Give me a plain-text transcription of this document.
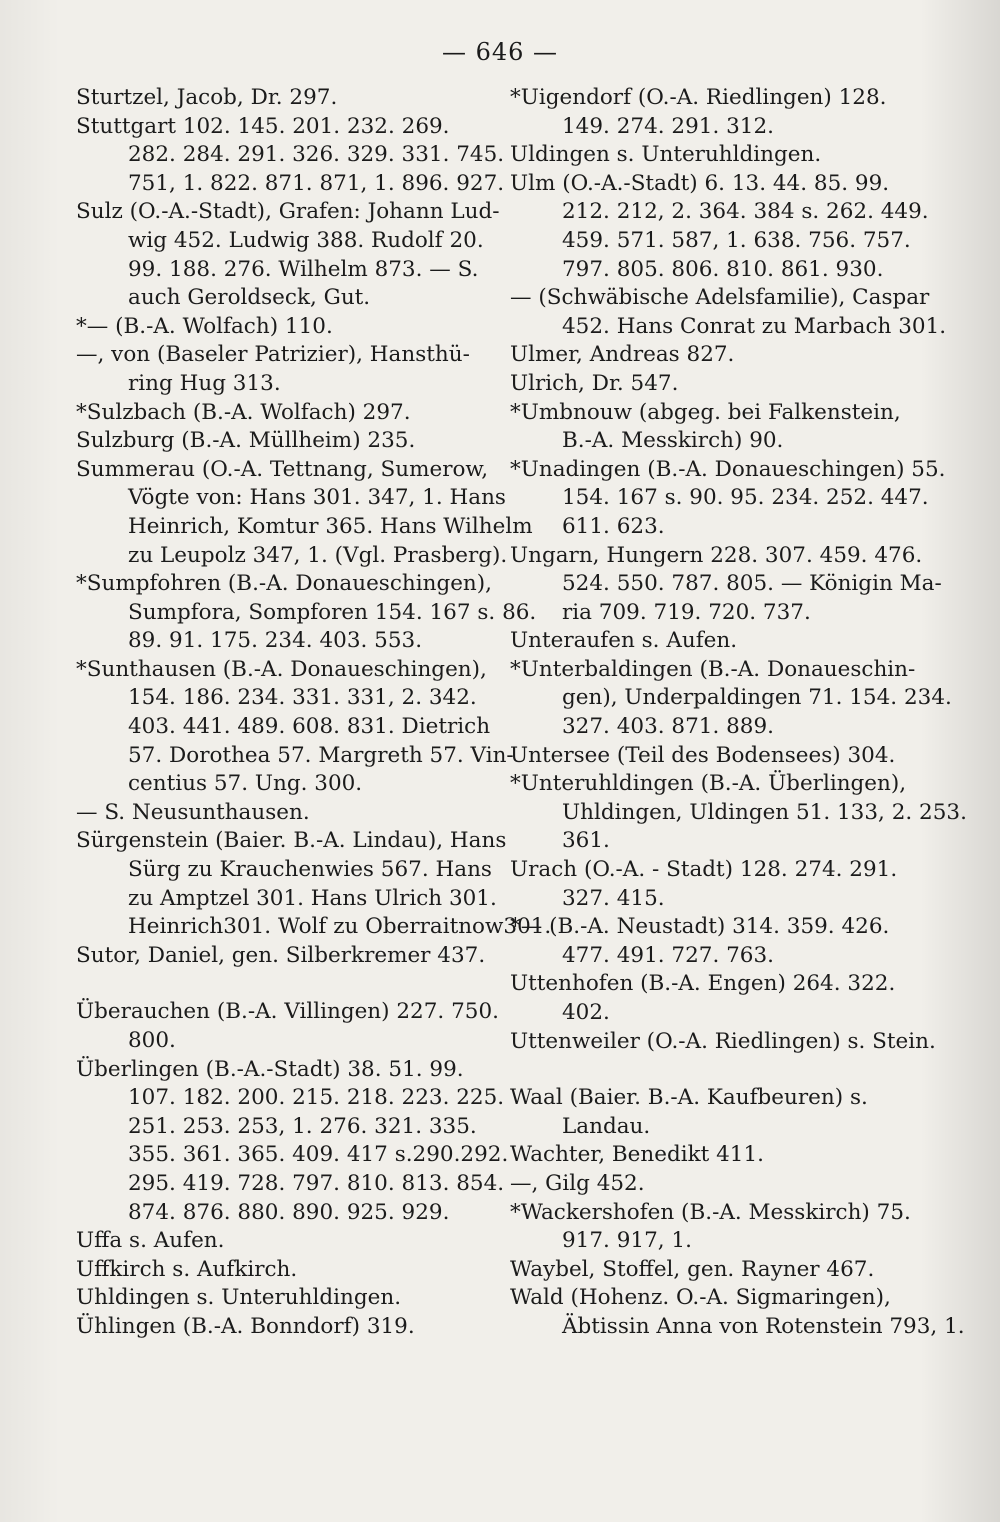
— 646 —
Sturtzel, Jacob, Dr. 297.
Stuttgart 102. 145. 201. 232. 269.
282. 284. 291. 326. 329. 331. 745.
751, 1. 822. 871. 871, 1. 896. 927.
Sulz (O.-A.-Stadt), Grafen: Johann Lud-
wig 452. Ludwig 388. Rudolf 20.
99. 188. 276. Wilhelm 873. — S.
auch Geroldseck, Gut.
*— (B.-A. Wolfach) 110.
—, von (Baseler Patrizier), Hansthü-
ring Hug 313.
*Sulzbach (B.-A. Wolfach) 297.
Sulzburg (B.-A. Müllheim) 235.
Summerau (O.-A. Tettnang, Sumerow,
Vögte von: Hans 301. 347, 1. Hans
Heinrich, Komtur 365. Hans Wilhelm
zu Leupolz 347, 1. (Vgl. Prasberg).
*Sumpfohren (B.-A. Donaueschingen),
Sumpfora, Sompforen 154. 167 s. 86.
89. 91. 175. 234. 403. 553.
*Sunthausen (B.-A. Donaueschingen),
154. 186. 234. 331. 331, 2. 342.
403. 441. 489. 608. 831. Dietrich
57. Dorothea 57. Margreth 57. Vin-
centius 57. Ung. 300.
— S. Neusunthausen.
Sürgenstein (Baier. B.-A. Lindau), Hans
Sürg zu Krauchenwies 567. Hans
zu Amptzel 301. Hans Ulrich 301.
Heinrich301. Wolf zu Oberraitnow301.
Sutor, Daniel, gen. Silberkremer 437.
Überauchen (B.-A. Villingen) 227. 750.
800.
Überlingen (B.-A.-Stadt) 38. 51. 99.
107. 182. 200. 215. 218. 223. 225.
251. 253. 253, 1. 276. 321. 335.
355. 361. 365. 409. 417 s.290.292.
295. 419. 728. 797. 810. 813. 854.
874. 876. 880. 890. 925. 929.
Uffa s. Aufen.
Uffkirch s. Aufkirch.
Uhldingen s. Unteruhldingen.
Ühlingen (B.-A. Bonndorf) 319.
*Uigendorf (O.-A. Riedlingen) 128.
149. 274. 291. 312.
Uldingen s. Unteruhldingen.
Ulm (O.-A.-Stadt) 6. 13. 44. 85. 99.
212. 212, 2. 364. 384 s. 262. 449.
459. 571. 587, 1. 638. 756. 757.
797. 805. 806. 810. 861. 930.
— (Schwäbische Adelsfamilie), Caspar
452. Hans Conrat zu Marbach 301.
Ulmer, Andreas 827.
Ulrich, Dr. 547.
*Umbnouw (abgeg. bei Falkenstein,
B.-A. Messkirch) 90.
*Unadingen (B.-A. Donaueschingen) 55.
154. 167 s. 90. 95. 234. 252. 447.
611. 623.
Ungarn, Hungern 228. 307. 459. 476.
524. 550. 787. 805. — Königin Ma-
ria 709. 719. 720. 737.
Unteraufen s. Aufen.
*Unterbaldingen (B.-A. Donaueschin-
gen), Underpaldingen 71. 154. 234.
327. 403. 871. 889.
Untersee (Teil des Bodensees) 304.
*Unteruhldingen (B.-A. Überlingen),
Uhldingen, Uldingen 51. 133, 2. 253.
361.
Urach (O.-A. - Stadt) 128. 274. 291.
327. 415.
*— (B.-A. Neustadt) 314. 359. 426.
477. 491. 727. 763.
Uttenhofen (B.-A. Engen) 264. 322.
402.
Uttenweiler (O.-A. Riedlingen) s. Stein.
Waal (Baier. B.-A. Kaufbeuren) s.
Landau.
Wachter, Benedikt 411.
—, Gilg 452.
*Wackershofen (B.-A. Messkirch) 75.
917. 917, 1.
Waybel, Stoffel, gen. Rayner 467.
Wald (Hohenz. O.-A. Sigmaringen),
Äbtissin Anna von Rotenstein 793, 1.
